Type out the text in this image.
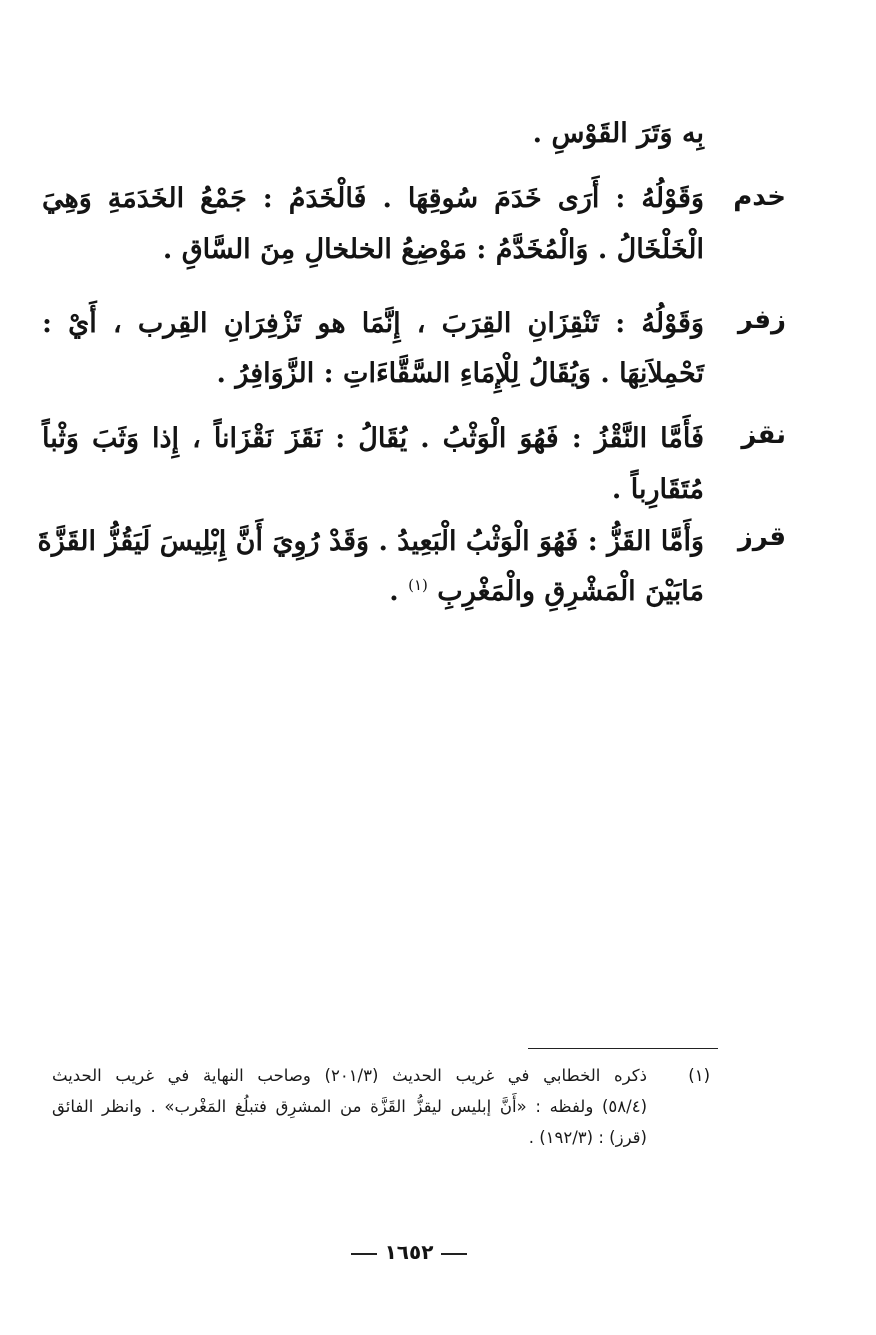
بِه وَتَرَ القَوْسِ .
خدم
وَقَوْلُهُ : أَرَى خَدَمَ سُوقِهَا . فَالْخَدَمُ : جَمْعُ الخَدَمَةِ وَهِيَ
الْخَلْخَالُ . وَالْمُخَدَّمُ : مَوْضِعُ الخلخالِ مِنَ السَّاقِ .
زفر
وَقَوْلُهُ : تَنْقِزَانِ القِرَبَ ، إِنَّمَا هو تَزْفِرَانِ القِرب ، أَيْ :
تَحْمِلاَنِهَا . وَيُقَالُ لِلْإِمَاءِ السَّقَّاءَاتِ : الزَّوَافِرُ .
نقز
فَأَمَّا النَّقْزُ : فَهُوَ الْوَثْبُ . يُقَالُ : نَقَزَ نَقْزَاناً ، إِذا وَثَبَ وَثْباً
مُتَقَارِباً .
قرز
وَأَمَّا القَزُّ : فَهُوَ الْوَثْبُ الْبَعِيدُ . وَقَدْ رُوِيَ أَنَّ إِبْلِيسَ لَيَقُزُّ القَزَّةَ
مَابَيْنَ الْمَشْرِقِ والْمَغْرِبِ $^{(١)}$ .
(١)
ذكره الخطابي في غريب الحديث (٢٠١/٣) وصاحب النهاية في غريب الحديث
(٥٨/٤) ولفظه : «أَنَّ إبليس ليقزُّ القَزَّة من المشرِق فتبلُغ المَغْرب» . وانظر الفائق
(قرز) : (١٩٢/٣) .
١٦٥٢
